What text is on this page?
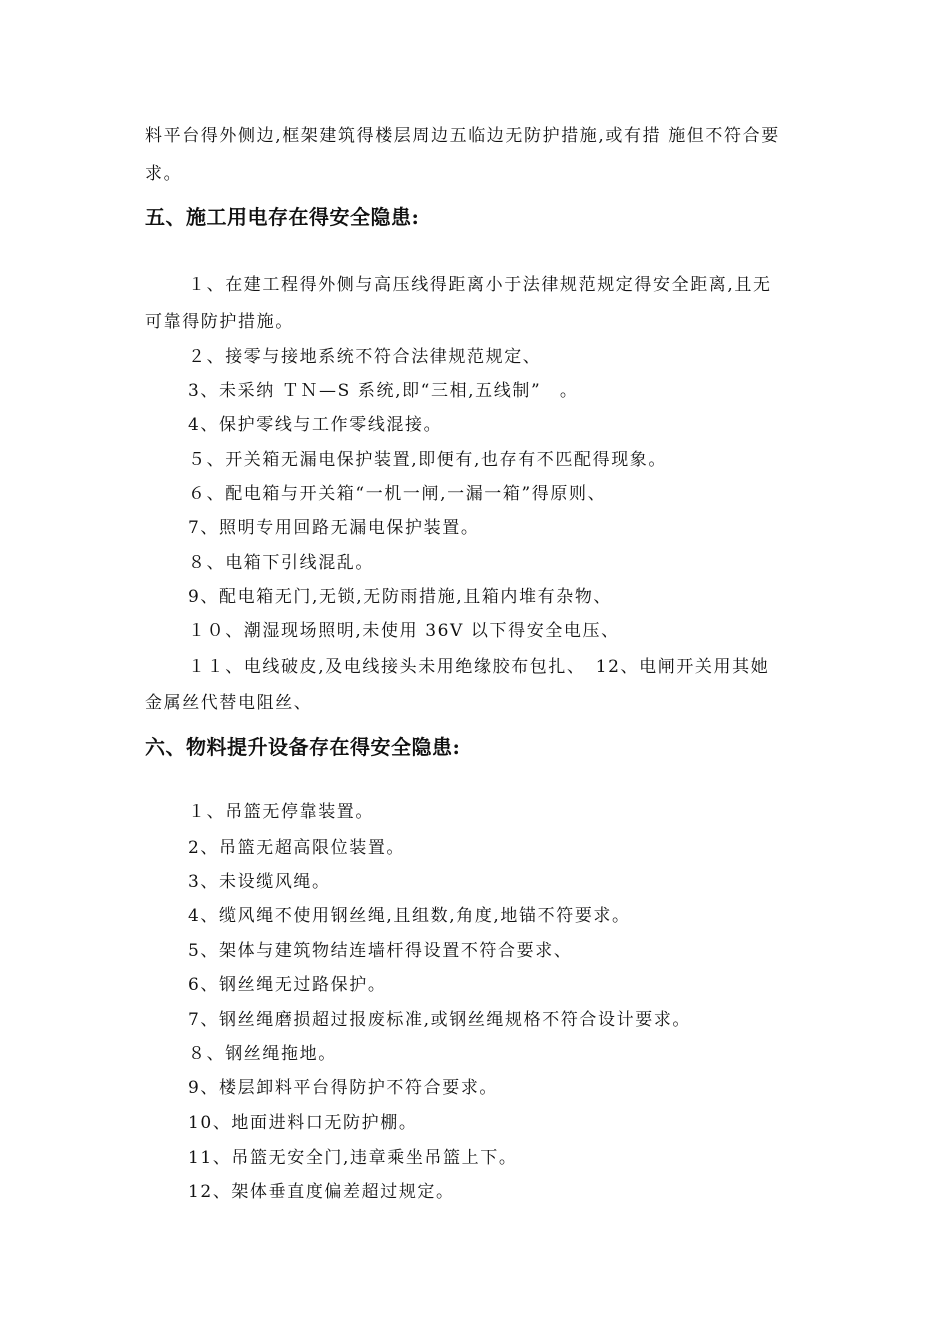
料平台得外侧边,框架建筑得楼层周边五临边无防护措施,或有措 施但不符合要
求。
五、施工用电存在得安全隐患:
１、在建工程得外侧与高压线得距离小于法律规范规定得安全距离,且无
可靠得防护措施。
２、接零与接地系统不符合法律规范规定、
3、未采纳 ＴＮ—S 系统,即“三相,五线制”　。
4、保护零线与工作零线混接。
５、开关箱无漏电保护装置,即便有,也存有不匹配得现象。
６、配电箱与开关箱“一机一闸,一漏一箱”得原则、
7、照明专用回路无漏电保护装置。
８、电箱下引线混乱。
9、配电箱无门,无锁,无防雨措施,且箱内堆有杂物、
１０、潮湿现场照明,未使用 36V 以下得安全电压、
１１、电线破皮,及电线接头未用绝缘胶布包扎、　12、电闸开关用其她
金属丝代替电阻丝、
六、物料提升设备存在得安全隐患:
１、吊篮无停靠装置。
2、吊篮无超高限位装置。
3、未设缆风绳。
4、缆风绳不使用钢丝绳,且组数,角度,地锚不符要求。
5、架体与建筑物结连墙杆得设置不符合要求、
6、钢丝绳无过路保护。
7、钢丝绳磨损超过报废标准,或钢丝绳规格不符合设计要求。
８、钢丝绳拖地。
9、楼层卸料平台得防护不符合要求。
10、地面进料口无防护棚。
11、吊篮无安全门,违章乘坐吊篮上下。
12、架体垂直度偏差超过规定。
